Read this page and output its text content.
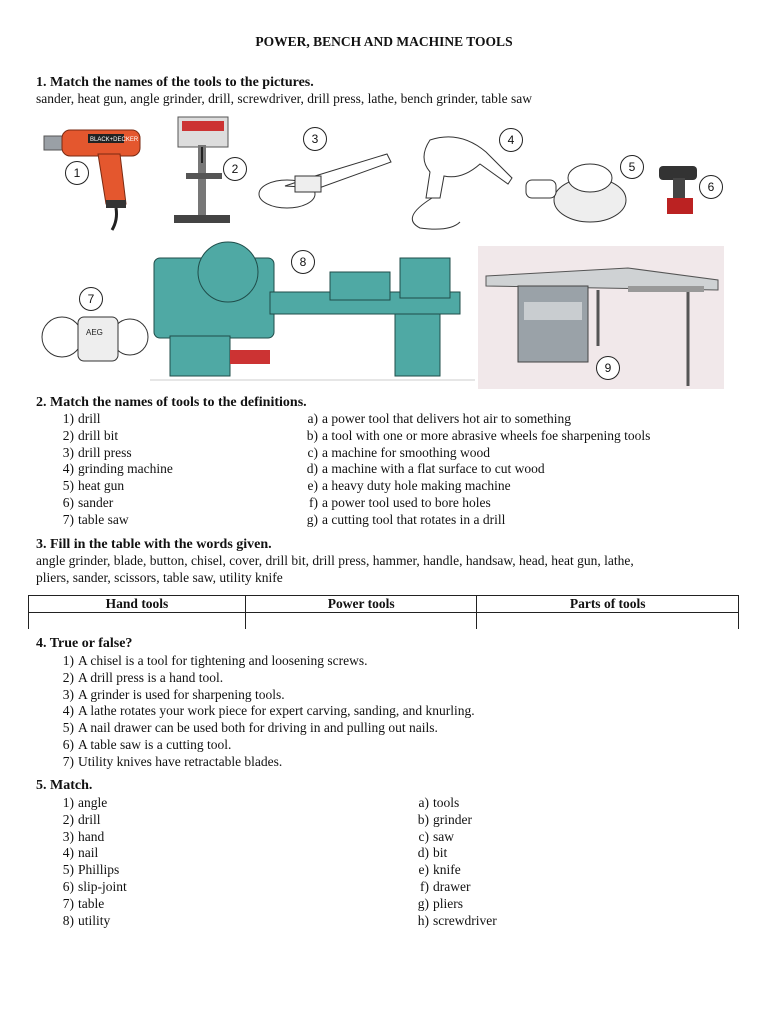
POWER, BENCH AND MACHINE TOOLS
1. Match the names of the tools to the pictures.
sander, heat gun, angle grinder, drill, screwdriver, drill press, lathe, bench grinder, table saw
BLACK+DECKER
1	2
3	4
5
6
AEG
7
8
9
2. Match the names of tools to the definitions.
1) drill
2) drill bit
3) drill press
4) grinding machine
5) heat gun
6) sander
7) table saw
a) a power tool that delivers hot air to something
b) a tool with one or more abrasive wheels foe sharpening tools
c) a machine for smoothing wood
d) a machine with a flat surface to cut wood
e) a heavy duty hole making machine
f) a power tool used to bore holes
g) a cutting tool that rotates in a drill
3. Fill in the table with the words given.
angle grinder, blade, button, chisel, cover, drill bit, drill press, hammer, handle, handsaw, head, heat gun, lathe,
pliers, sander, scissors, table saw, utility knife
Hand tools	Power tools	Parts of tools

4. True or false?
1) A chisel is a tool for tightening and loosening screws.
2) A drill press is a hand tool.
3) A grinder is used for sharpening tools.
4) A lathe rotates your work piece for expert carving, sanding, and knurling.
5) A nail drawer can be used both for driving in and pulling out nails.
6) A table saw is a cutting tool.
7) Utility knives have retractable blades.
5. Match.
1) angle
2) drill
3) hand
4) nail
5) Phillips
6) slip-joint
7) table
8) utility
a) tools
b) grinder
c) saw
d) bit
e) knife
f) drawer
g) pliers
h) screwdriver
